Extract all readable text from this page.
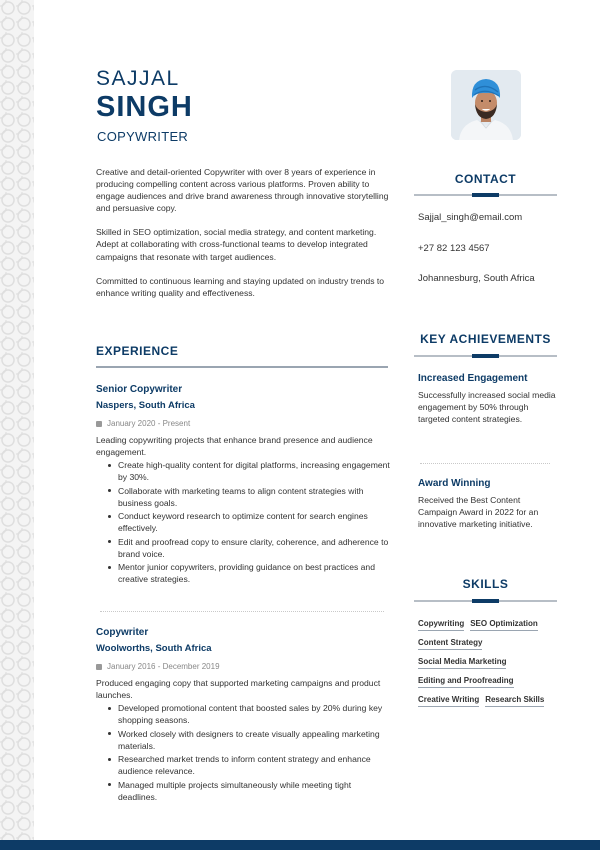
SAJJAL
SINGH
COPYWRITER

Creative and detail-oriented Copywriter with over 8 years of experience in producing compelling content across various platforms. Proven ability to engage audiences and drive brand awareness through innovative storytelling and persuasive copy.

Skilled in SEO optimization, social media strategy, and content marketing. Adept at collaborating with cross-functional teams to develop integrated campaigns that resonate with target audiences.

Committed to continuous learning and staying updated on industry trends to enhance writing quality and effectiveness.

EXPERIENCE
Senior Copywriter
Naspers, South Africa
January 2020 - Present
Leading copywriting projects that enhance brand presence and audience engagement.
Create high-quality content for digital platforms, increasing engagement by 30%.
Collaborate with marketing teams to align content strategies with business goals.
Conduct keyword research to optimize content for search engines effectively.
Edit and proofread copy to ensure clarity, coherence, and adherence to brand voice.
Mentor junior copywriters, providing guidance on best practices and creative strategies.
Copywriter
Woolworths, South Africa
January 2016 - December 2019
Produced engaging copy that supported marketing campaigns and product launches.
Developed promotional content that boosted sales by 20% during key shopping seasons.
Worked closely with designers to create visually appealing marketing materials.
Researched market trends to inform content strategy and enhance audience relevance.
Managed multiple projects simultaneously while meeting tight deadlines.
CONTACT
Sajjal_singh@email.com
+27 82 123 4567
Johannesburg, South Africa
KEY ACHIEVEMENTS
Increased Engagement
Successfully increased social media engagement by 50% through targeted content strategies.
Award Winning
Received the Best Content Campaign Award in 2022 for an innovative marketing initiative.
SKILLS
Copywriting SEO Optimization
Content Strategy
Social Media Marketing
Editing and Proofreading
Creative Writing Research Skills
